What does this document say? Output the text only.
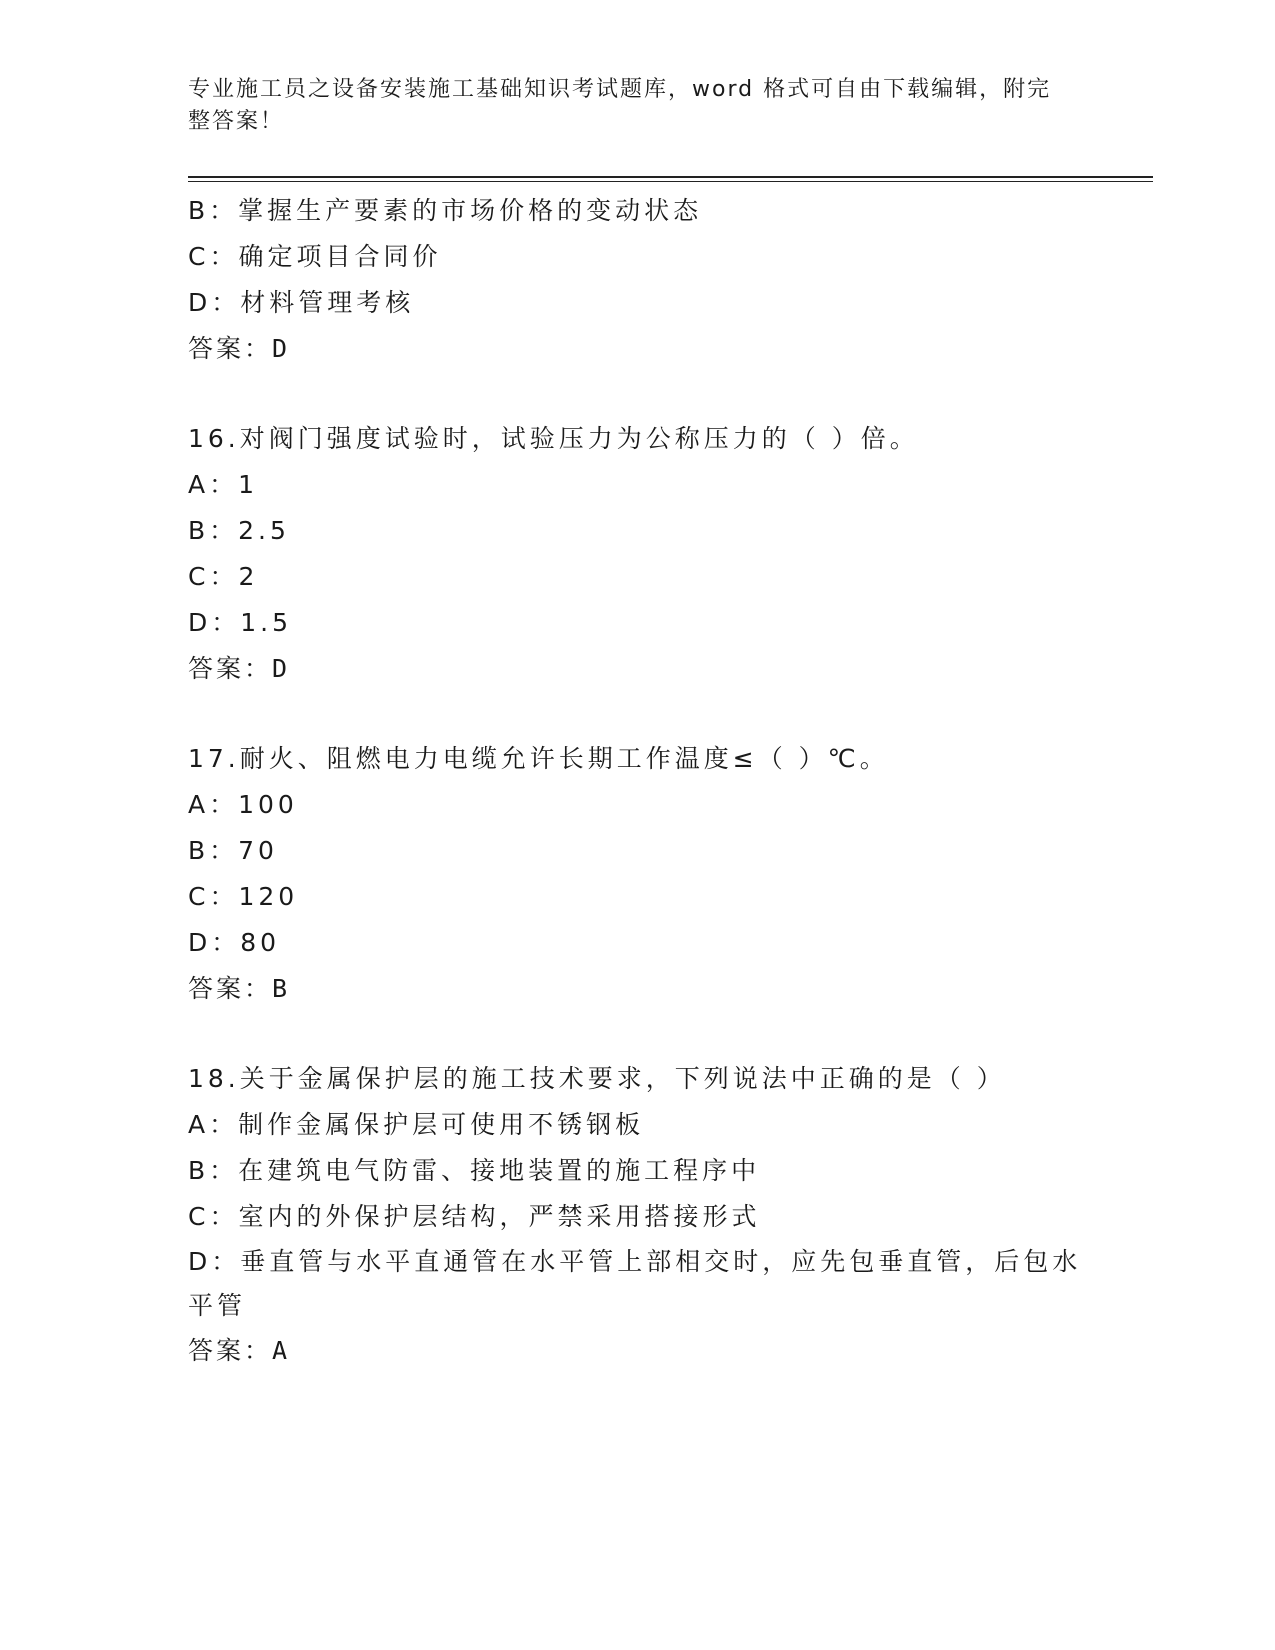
专业施工员之设备安装施工基础知识考试题库，word 格式可自由下载编辑，附完整答案！
B：掌握生产要素的市场价格的变动状态
C：确定项目合同价
D：材料管理考核
答案：D
16.对阀门强度试验时，试验压力为公称压力的（ ）倍。
A：1
B：2.5
C：2
D：1.5
答案：D
17.耐火、阻燃电力电缆允许长期工作温度≤（ ）℃。
A：100
B：70
C：120
D：80
答案：B
18.关于金属保护层的施工技术要求，下列说法中正确的是（ ）
A：制作金属保护层可使用不锈钢板
B：在建筑电气防雷、接地装置的施工程序中
C：室内的外保护层结构，严禁采用搭接形式
D：垂直管与水平直通管在水平管上部相交时，应先包垂直管，后包水平管
答案：A
